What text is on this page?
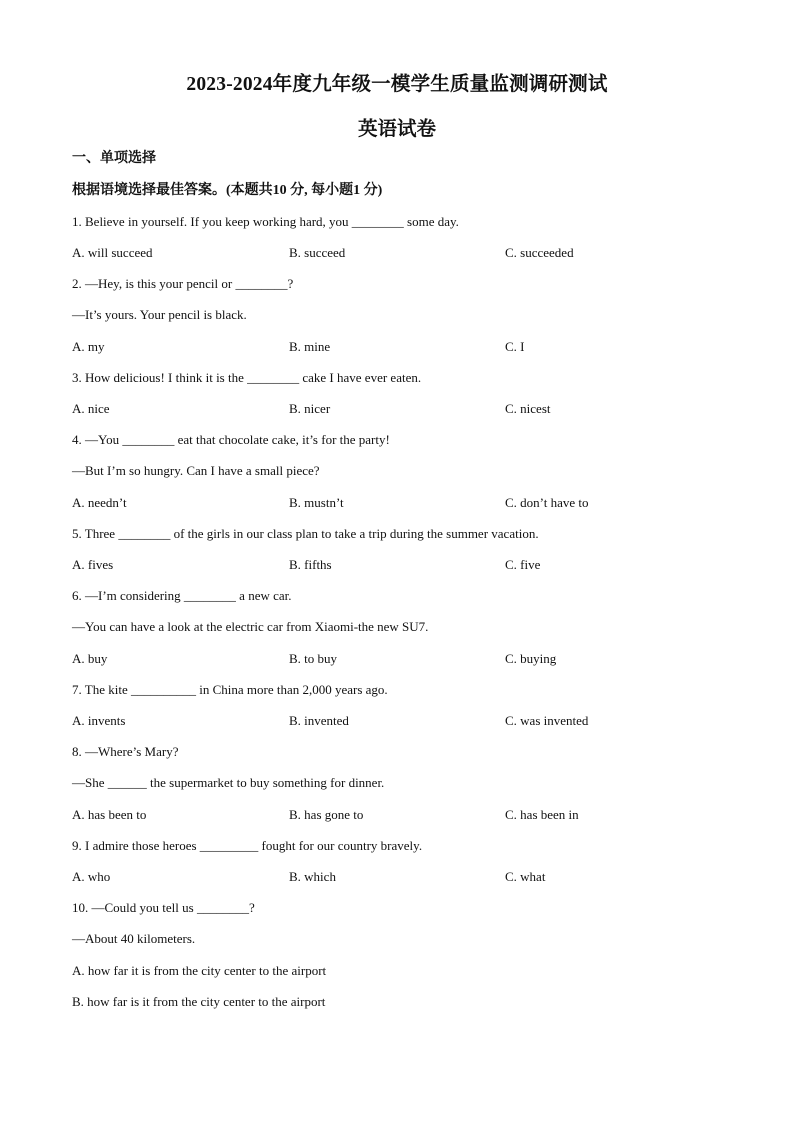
2023-2024年度九年级一模学生质量监测调研测试
英语试卷
一、单项选择
根据语境选择最佳答案。(本题共10 分, 每小题1 分)
1. Believe in yourself. If you keep working hard, you ________ some day.
A. will succeed	B. succeed	C. succeeded
2. —Hey, is this your pencil or ________?
—It’s yours. Your pencil is black.
A. my	B. mine	C. I
3. How delicious! I think it is the ________ cake I have ever eaten.
A. nice	B. nicer	C. nicest
4. —You ________ eat that chocolate cake, it’s for the party!
—But I’m so hungry. Can I have a small piece?
A. needn’t	B. mustn’t	C. don’t have to
5. Three ________ of the girls in our class plan to take a trip during the summer vacation.
A. fives	B. fifths	C. five
6. —I’m considering ________ a new car.
—You can have a look at the electric car from Xiaomi-the new SU7.
A. buy	B. to buy	C. buying
7. The kite __________ in China more than 2,000 years ago.
A. invents	B. invented	C. was invented
8. —Where’s Mary?
—She ______ the supermarket to buy something for dinner.
A. has been to	B. has gone to	C. has been in
9. I admire those heroes _________ fought for our country bravely.
A. who	B. which	C. what
10. —Could you tell us ________?
—About 40 kilometers.
A. how far it is from the city center to the airport
B. how far is it from the city center to the airport
